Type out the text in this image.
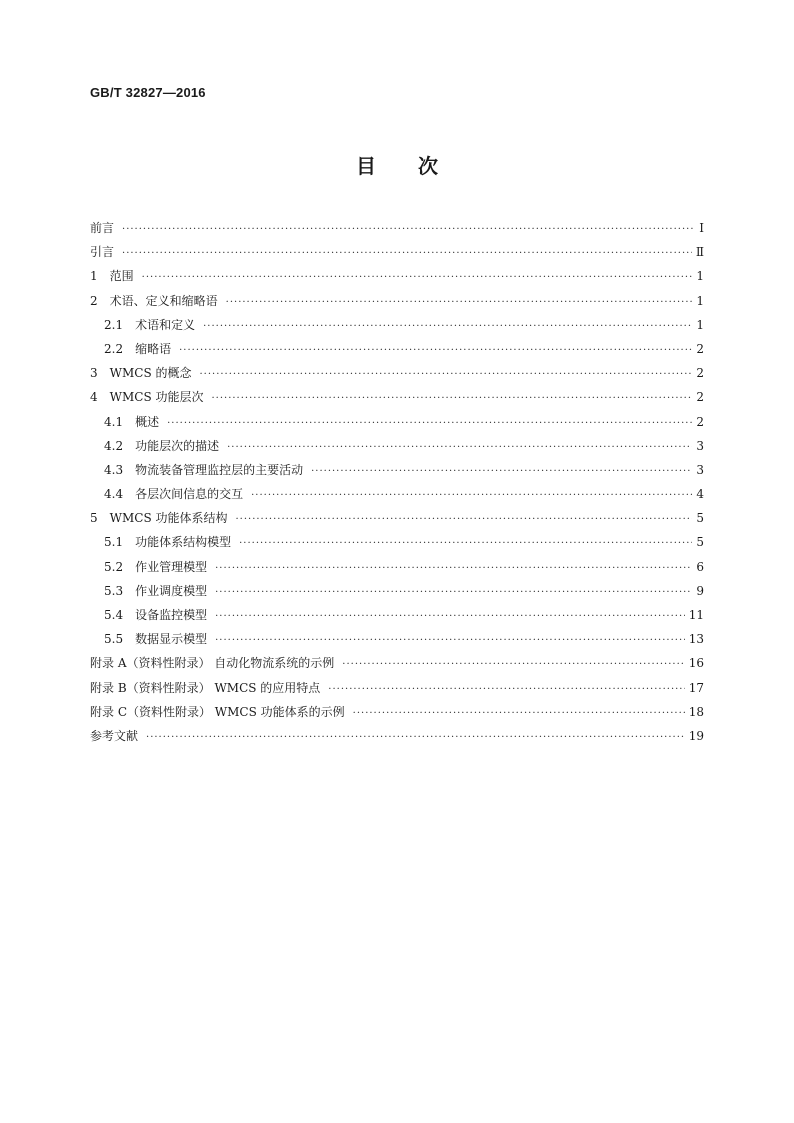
GB/T 32827—2016
目次
前言 ·····	Ⅰ
引言 ·····	Ⅱ
1 范围 ·····	1
2 术语、定义和缩略语 ·····	1
2.1 术语和定义 ·····	1
2.2 缩略语 ·····	2
3 WMCS 的概念 ·····	2
4 WMCS 功能层次 ·····	2
4.1 概述 ·····	2
4.2 功能层次的描述 ·····	3
4.3 物流装备管理监控层的主要活动 ·····	3
4.4 各层次间信息的交互 ·····	4
5 WMCS 功能体系结构 ·····	5
5.1 功能体系结构模型 ·····	5
5.2 作业管理模型 ·····	6
5.3 作业调度模型 ·····	9
5.4 设备监控模型 ·····	11
5.5 数据显示模型 ·····	13
附录 A（资料性附录） 自动化物流系统的示例 ·····	16
附录 B（资料性附录） WMCS 的应用特点 ·····	17
附录 C（资料性附录） WMCS 功能体系的示例 ·····	18
参考文献 ·····	19
